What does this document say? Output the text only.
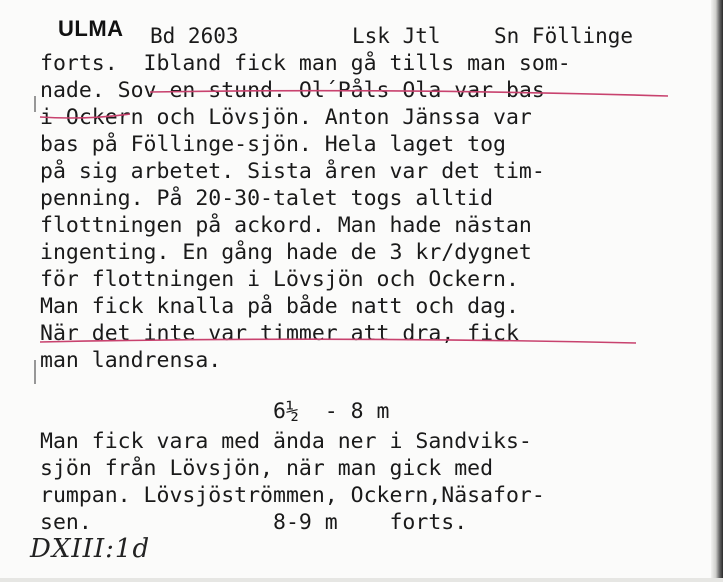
ULMA Bd 2603	Lsk Jtl	Sn Föllinge
forts.  Ibland fick man gå tills man som-
nade. Sov en stund. Ol´Påls Ola var bas
i Ockern och Lövsjön. Anton Jänssa var
bas på Föllinge-sjön. Hela laget tog
på sig arbetet. Sista åren var det tim-
penning. På 20-30-talet togs alltid
flottningen på ackord. Man hade nästan
ingenting. En gång hade de 3 kr/dygnet
för flottningen i Lövsjön och Ockern.
Man fick knalla på både natt och dag.
När det inte var timmer att dra, fick
man landrensa.
6½  - 8 m
Man fick vara med ända ner i Sandviks-
sjön från Lövsjön, när man gick med
rumpan. Lövsjöströmmen, Ockern,Näsafor-
sen.              8-9 m    forts.
DXIII:1d
